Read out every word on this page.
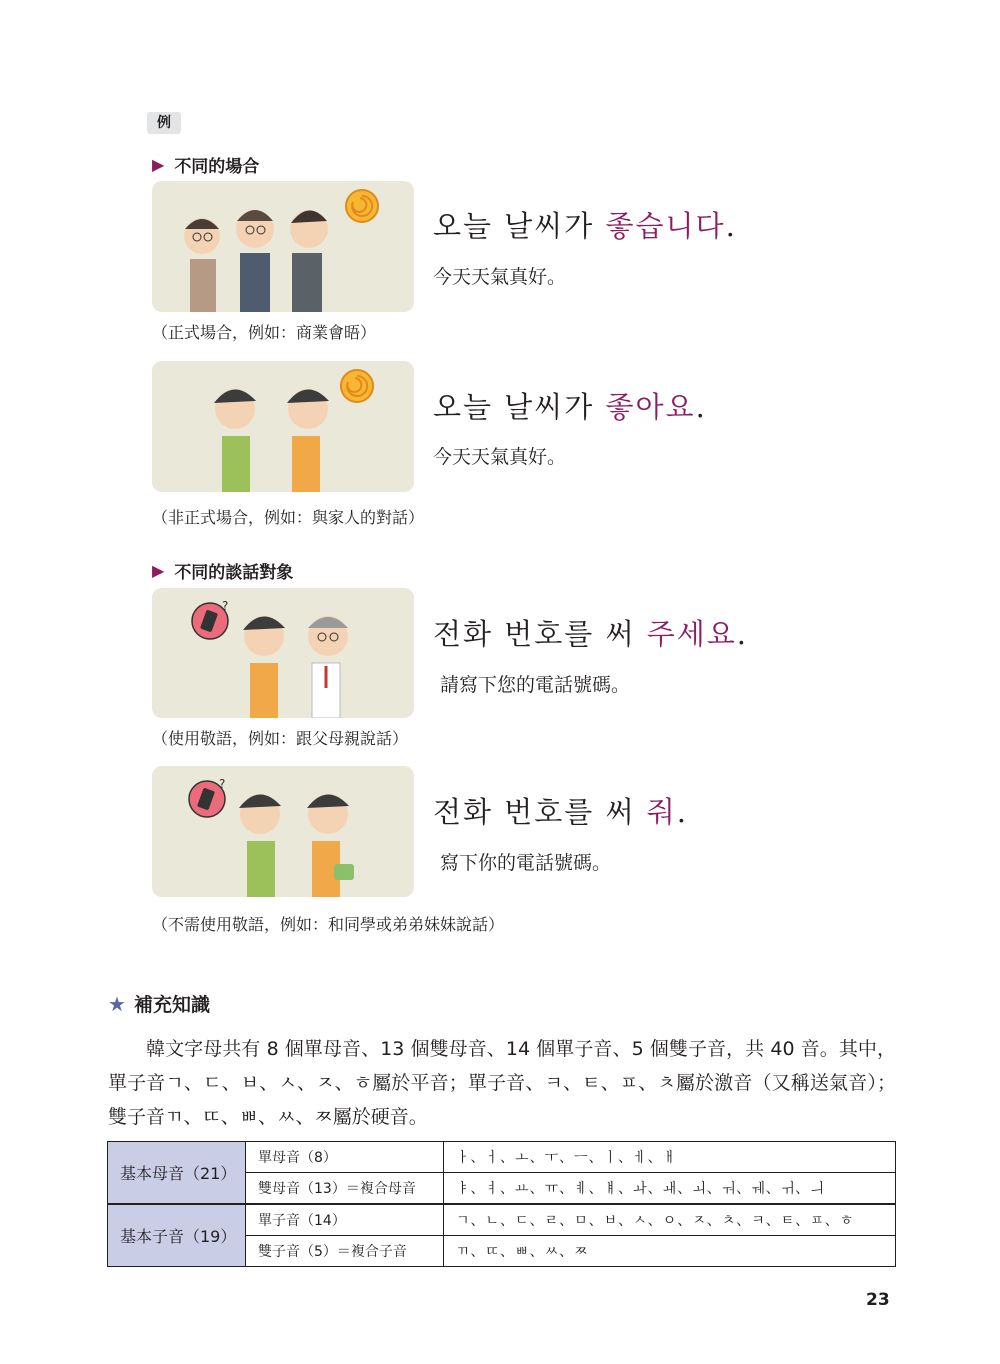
例
▶ 不同的場合
오늘 날씨가 좋습니다.
今天天氣真好。
（正式場合，例如：商業會晤）
오늘 날씨가 좋아요.
今天天氣真好。
（非正式場合，例如：與家人的對話）
▶ 不同的談話對象
?
전화 번호를 써 주세요.
請寫下您的電話號碼。
（使用敬語，例如：跟父母親說話）
?
전화 번호를 써 줘.
寫下你的電話號碼。
（不需使用敬語，例如：和同學或弟弟妹妹說話）
★ 補充知識
韓文字母共有 8 個單母音、13 個雙母音、14 個單子音、5 個雙子音，共 40 音。其中，單子音ㄱ、ㄷ、ㅂ、ㅅ、ㅈ、ㅎ屬於平音；單子音、ㅋ、ㅌ、ㅍ、ㅊ屬於激音（又稱送氣音）；雙子音ㄲ、ㄸ、ㅃ、ㅆ、ㅉ屬於硬音。
基本母音（21）	單母音（8）	ㅏ、ㅓ、ㅗ、ㅜ、ㅡ、ㅣ、ㅔ、ㅐ
	雙母音（13）＝複合母音	ㅑ、ㅕ、ㅛ、ㅠ、ㅖ、ㅒ、ㅘ、ㅙ、ㅚ、ㅝ、ㅞ、ㅟ、ㅢ
基本子音（19）	單子音（14）	ㄱ、ㄴ、ㄷ、ㄹ、ㅁ、ㅂ、ㅅ、ㅇ、ㅈ、ㅊ、ㅋ、ㅌ、ㅍ、ㅎ
	雙子音（5）＝複合子音	ㄲ、ㄸ、ㅃ、ㅆ、ㅉ
23
